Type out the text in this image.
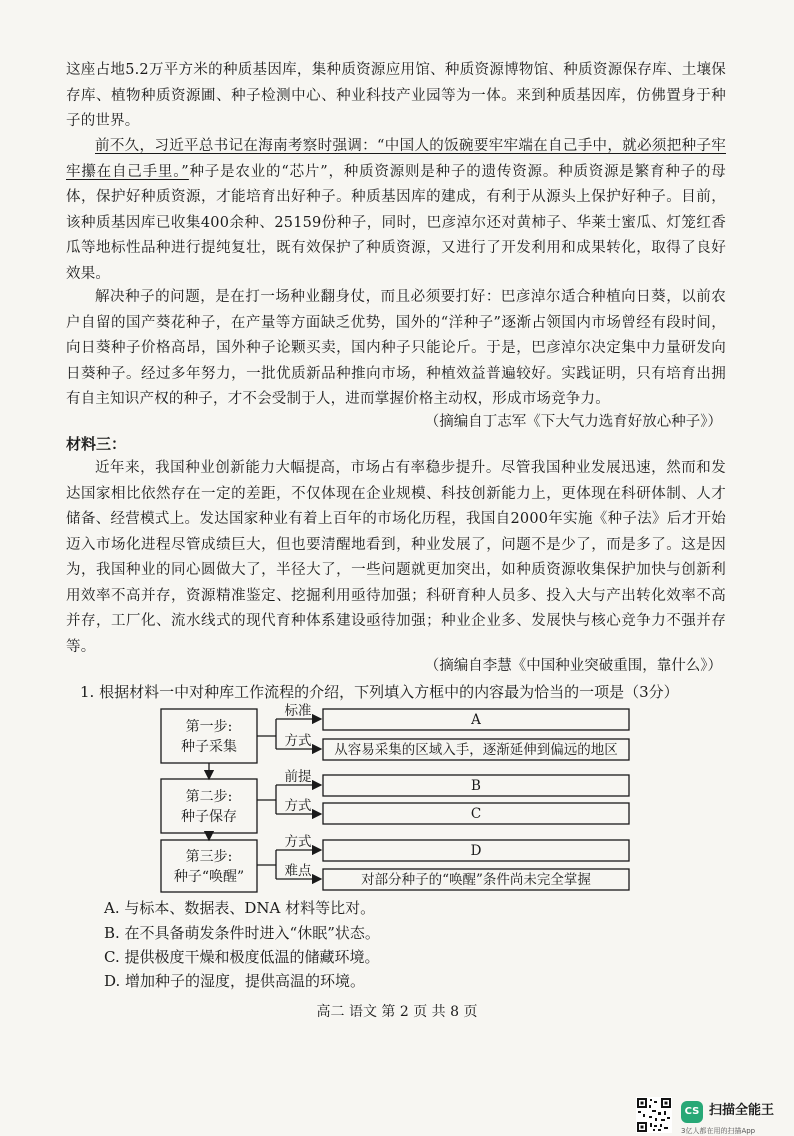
这座占地5.2万平方米的种质基因库，集种质资源应用馆、种质资源博物馆、种质资源保存库、土壤保存库、植物种质资源圃、种子检测中心、种业科技产业园等为一体。来到种质基因库，仿佛置身于种子的世界。

前不久，习近平总书记在海南考察时强调：“中国人的饭碗要牢牢端在自己手中，就必须把种子牢牢攥在自己手里。”种子是农业的“芯片”，种质资源则是种子的遗传资源。种质资源是繁育种子的母体，保护好种质资源，才能培育出好种子。种质基因库的建成，有利于从源头上保护好种子。目前，该种质基因库已收集400余种、25159份种子，同时，巴彦淖尔还对黄柿子、华莱士蜜瓜、灯笼红香瓜等地标性品种进行提纯复壮，既有效保护了种质资源，又进行了开发利用和成果转化，取得了良好效果。

解决种子的问题，是在打一场种业翻身仗，而且必须要打好：巴彦淖尔适合种植向日葵，以前农户自留的国产葵花种子，在产量等方面缺乏优势，国外的“洋种子”逐渐占领国内市场曾经有段时间，向日葵种子价格高昂，国外种子论颗买卖，国内种子只能论斤。于是，巴彦淖尔决定集中力量研发向日葵种子。经过多年努力，一批优质新品种推向市场，种植效益普遍较好。实践证明，只有培育出拥有自主知识产权的种子，才不会受制于人，进而掌握价格主动权，形成市场竞争力。

（摘编自丁志军《下大气力选育好放心种子》）
材料三：

近年来，我国种业创新能力大幅提高，市场占有率稳步提升。尽管我国种业发展迅速，然而和发达国家相比依然存在一定的差距，不仅体现在企业规模、科技创新能力上，更体现在科研体制、人才储备、经营模式上。发达国家种业有着上百年的市场化历程，我国自2000年实施《种子法》后才开始迈入市场化进程尽管成绩巨大，但也要清醒地看到，种业发展了，问题不是少了，而是多了。这是因为，我国种业的同心圆做大了，半径大了，一些问题就更加突出，如种质资源收集保护加快与创新利用效率不高并存，资源精准鉴定、挖掘利用亟待加强；科研育种人员多、投入大与产出转化效率不高并存，工厂化、流水线式的现代育种体系建设亟待加强；种业企业多、发展快与核心竞争力不强并存等。

（摘编自李慧《中国种业突破重围，靠什么》）
1. 根据材料一中对种库工作流程的介绍，下列填入方框中的内容最为恰当的一项是（3分）
第一步:
种子采集
第二步:
种子保存
第三步:
种子“唤醒”
标准
方式
前提
方式
方式
难点
A
从容易采集的区域入手，逐渐延伸到偏远的地区
B
C
D
对部分种子的“唤醒”条件尚未完全掌握
A. 与标本、数据表、DNA 材料等比对。
B. 在不具备萌发条件时进入“休眠”状态。
C. 提供极度干燥和极度低温的储藏环境。
D. 增加种子的湿度，提供高温的环境。
高二 语文 第 2 页 共 8 页
CS 扫描全能王
3亿人都在用的扫描App
